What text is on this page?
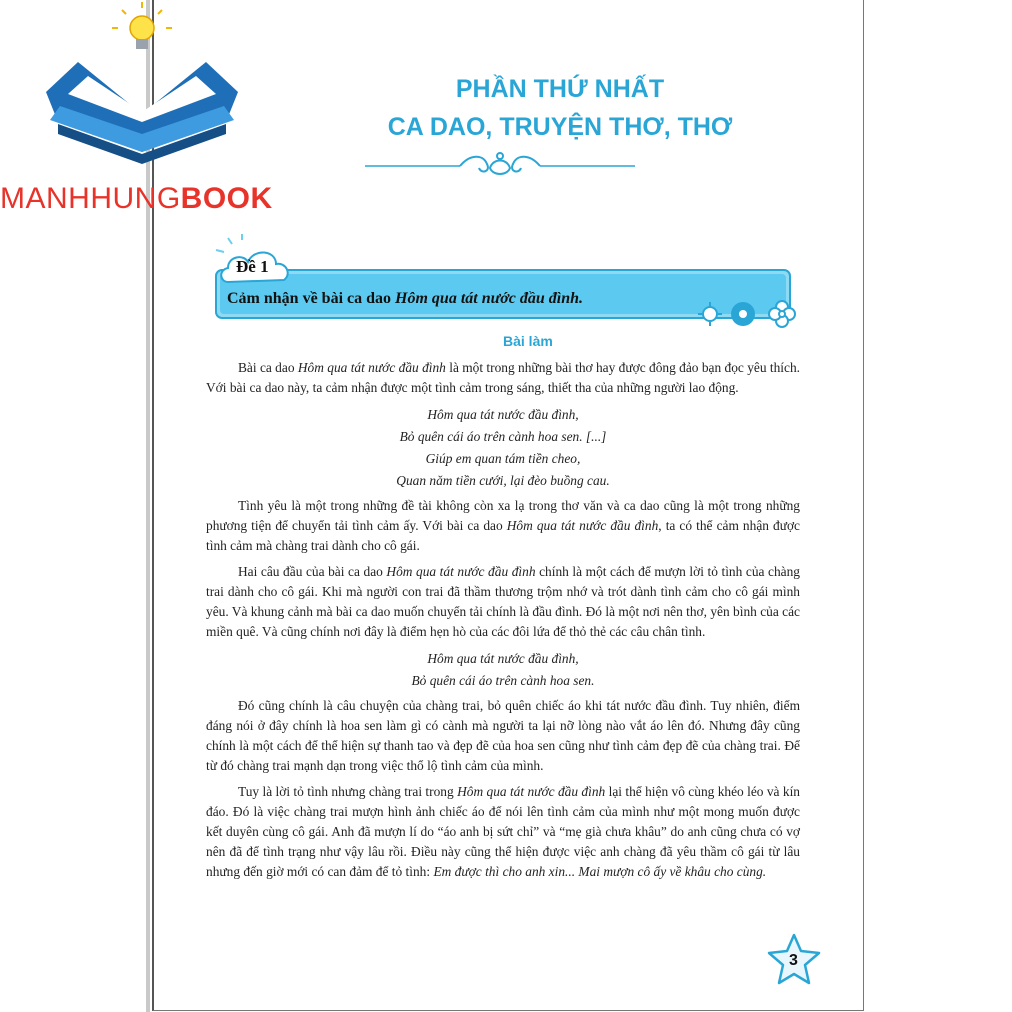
MANHHUNGBOOK
PHẦN THỨ NHẤT
CA DAO, TRUYỆN THƠ, THƠ
Đề 1
Cảm nhận về bài ca dao Hôm qua tát nước đầu đình.
Bài làm

Bài ca dao Hôm qua tát nước đầu đình là một trong những bài thơ hay được đông đảo bạn đọc yêu thích. Với bài ca dao này, ta cảm nhận được một tình cảm trong sáng, thiết tha của những người lao động.

Hôm qua tát nước đầu đình,

Bỏ quên cái áo trên cành hoa sen. [...]

Giúp em quan tám tiền cheo,

Quan năm tiền cưới, lại đèo buồng cau.

Tình yêu là một trong những đề tài không còn xa lạ trong thơ văn và ca dao cũng là một trong những phương tiện để chuyển tải tình cảm ấy. Với bài ca dao Hôm qua tát nước đầu đình, ta có thể cảm nhận được tình cảm mà chàng trai dành cho cô gái.

Hai câu đầu của bài ca dao Hôm qua tát nước đầu đình chính là một cách để mượn lời tỏ tình của chàng trai dành cho cô gái. Khi mà người con trai đã thầm thương trộm nhớ và trót dành tình cảm cho cô gái mình yêu. Và khung cảnh mà bài ca dao muốn chuyển tải chính là đầu đình. Đó là một nơi nên thơ, yên bình của các miền quê. Và cũng chính nơi đây là điểm hẹn hò của các đôi lứa để thỏ thẻ các câu chân tình.

Hôm qua tát nước đầu đình,

Bỏ quên cái áo trên cành hoa sen.

Đó cũng chính là câu chuyện của chàng trai, bỏ quên chiếc áo khi tát nước đầu đình. Tuy nhiên, điểm đáng nói ở đây chính là hoa sen làm gì có cành mà người ta lại nỡ lòng nào vắt áo lên đó. Nhưng đây cũng chính là một cách để thể hiện sự thanh tao và đẹp đẽ của hoa sen cũng như tình cảm đẹp đẽ của chàng trai. Để từ đó chàng trai mạnh dạn trong việc thổ lộ tình cảm của mình.

Tuy là lời tỏ tình nhưng chàng trai trong Hôm qua tát nước đầu đình lại thể hiện vô cùng khéo léo và kín đáo. Đó là việc chàng trai mượn hình ảnh chiếc áo để nói lên tình cảm của mình như một mong muốn được kết duyên cùng cô gái. Anh đã mượn lí do “áo anh bị sứt chỉ” và “mẹ già chưa khâu” do anh cũng chưa có vợ nên đã để tình trạng như vậy lâu rồi. Điều này cũng thể hiện được việc anh chàng đã yêu thầm cô gái từ lâu nhưng đến giờ mới có can đảm để tỏ tình: Em được thì cho anh xin... Mai mượn cô ấy về khâu cho cùng.

3
